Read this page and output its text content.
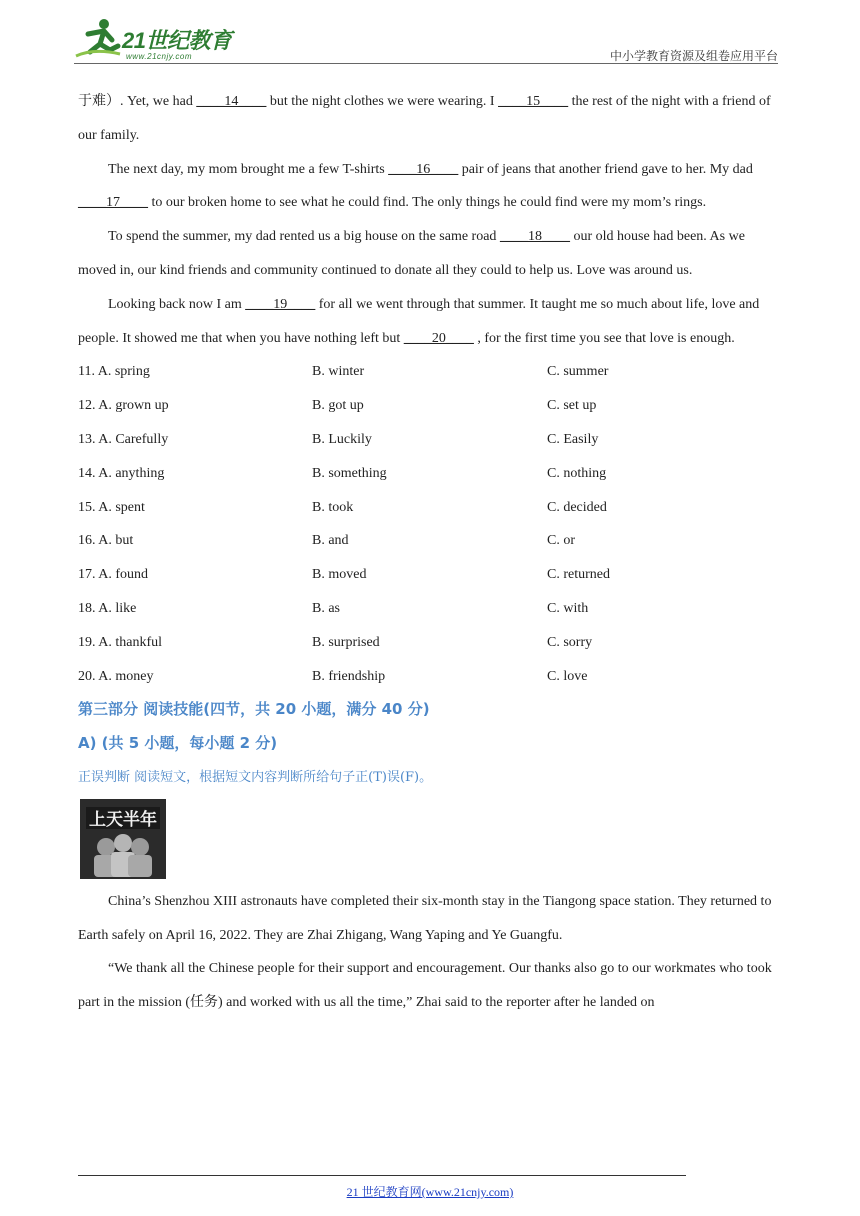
21世纪教育
www.21cnjy.com	中小学教育资源及组卷应用平台

于难）. Yet, we had ____14____ but the night clothes we were wearing. I ____15____ the rest of the night with a friend of our family.

The next day, my mom brought me a few T-shirts ____16____ pair of jeans that another friend gave to her. My dad ____17____ to our broken home to see what he could find. The only things he could find were my mom’s rings.

To spend the summer, my dad rented us a big house on the same road ____18____ our old house had been. As we moved in, our kind friends and community continued to donate all they could to help us. Love was around us.

Looking back now I am ____19____ for all we went through that summer. It taught me so much about life, love and people. It showed me that when you have nothing left but ____20____ , for the first time you see that love is enough.

11. A. spring	B. winter	C. summer
12. A. grown up	B. got up	C. set up
13. A. Carefully	B. Luckily	C. Easily
14. A. anything	B. something	C. nothing
15. A. spent	B. took	C. decided
16. A. but	B. and	C. or
17. A. found	B. moved	C. returned
18. A. like	B. as	C. with
19. A. thankful	B. surprised	C. sorry
20. A. money	B. friendship	C. love
第三部分 阅读技能(四节，共 20 小题，满分 40 分)
A) (共 5 小题，每小题 2 分)
正误判断 阅读短文，根据短文内容判断所给句子正(T)误(F)。
上天半年

China’s Shenzhou XIII astronauts have completed their six-month stay in the Tiangong space station. They returned to Earth safely on April 16, 2022. They are Zhai Zhigang, Wang Yaping and Ye Guangfu.

“We thank all the Chinese people for their support and encouragement. Our thanks also go to our workmates who took part in the mission (任务) and worked with us all the time,” Zhai said to the reporter after he landed on

21 世纪教育网(www.21cnjy.com)
